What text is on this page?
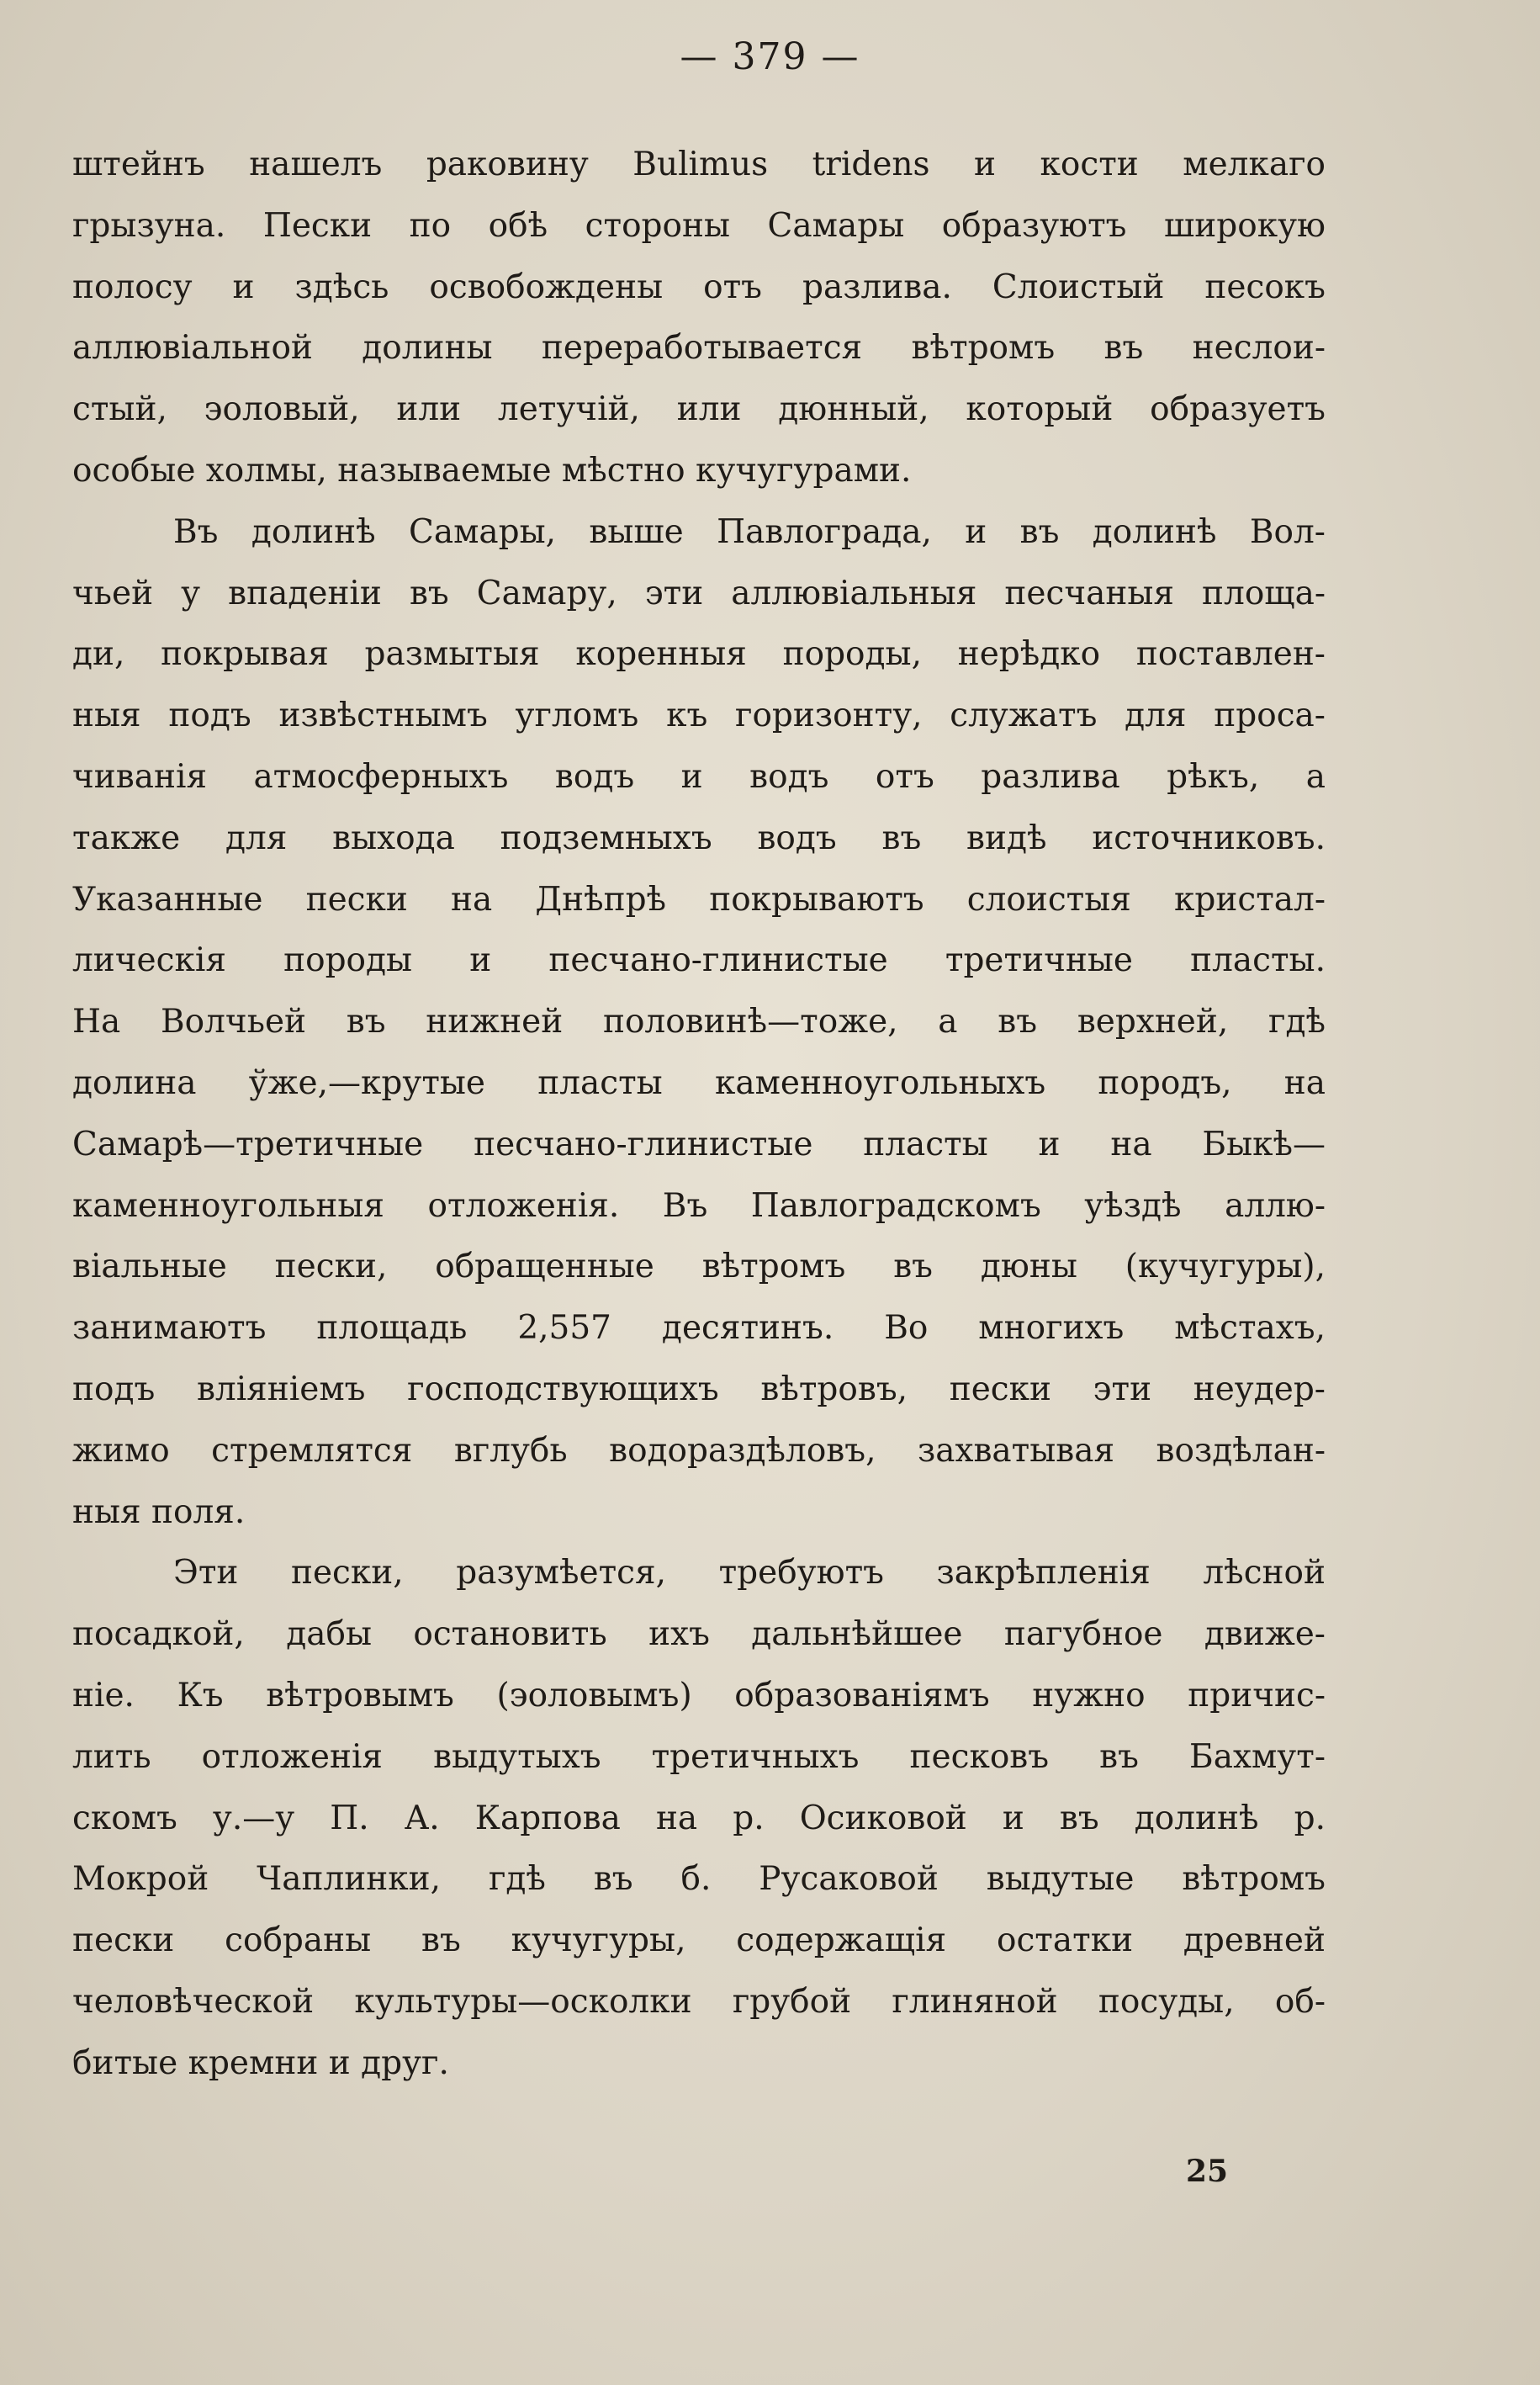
— 379 —
штейнъ нашелъ раковину Bulimus tridens и кости мелкаго
грызуна. Пески по обѣ стороны Самары образуютъ широкую
полосу и здѣсь освобождены отъ разлива. Слоистый песокъ
аллювіальной долины переработывается вѣтромъ въ неслои-
стый, эоловый, или летучій, или дюнный, который образуетъ
особые холмы, называемые мѣстно кучугурами.
Въ долинѣ Самары, выше Павлограда, и въ долинѣ Вол-
чьей у впаденіи въ Самару, эти аллювіальныя песчаныя площа-
ди, покрывая размытыя коренныя породы, нерѣдко поставлен-
ныя подъ извѣстнымъ угломъ къ горизонту, служатъ для проса-
чиванія атмосферныхъ водъ и водъ отъ разлива рѣкъ, а
также для выхода подземныхъ водъ въ видѣ источниковъ.
Указанные пески на Днѣпрѣ покрываютъ слоистыя кристал-
лическія породы и песчано-глинистые третичные пласты.
На Волчьей въ нижней половинѣ—тоже, а въ верхней, гдѣ
долина ўже,—крутые пласты каменноугольныхъ породъ, на
Самарѣ—третичные песчано-глинистые пласты и на Быкѣ—
каменноугольныя отложенія. Въ Павлоградскомъ уѣздѣ аллю-
віальные пески, обращенные вѣтромъ въ дюны (кучугуры),
занимаютъ площадь 2,557 десятинъ. Во многихъ мѣстахъ,
подъ вліяніемъ господствующихъ вѣтровъ, пески эти неудер-
жимо стремлятся вглубь водораздѣловъ, захватывая воздѣлан-
ныя поля.
Эти пески, разумѣется, требуютъ закрѣпленія лѣсной
посадкой, дабы остановить ихъ дальнѣйшее пагубное движе-
ніе. Къ вѣтровымъ (эоловымъ) образованіямъ нужно причис-
лить отложенія выдутыхъ третичныхъ песковъ въ Бахмут-
скомъ у.—у П. А. Карпова на р. Осиковой и въ долинѣ р.
Мокрой Чаплинки, гдѣ въ б. Русаковой выдутые вѣтромъ
пески собраны въ кучугуры, содержащія остатки древней
человѣческой культуры—осколки грубой глиняной посуды, об-
битые кремни и друг.
25
